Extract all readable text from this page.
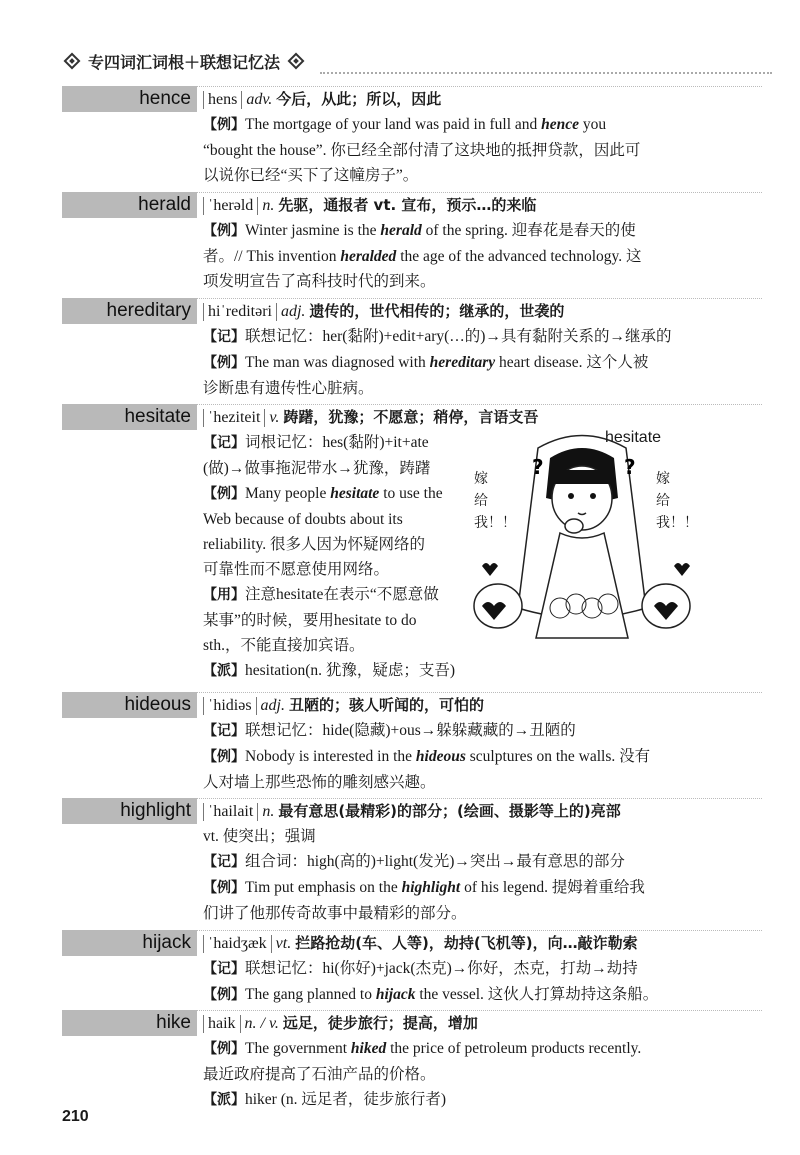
专四词汇词根＋联想记忆法
hence	hens adv. 今后，从此；所以，因此
【例】The mortgage of your land was paid in full and hence you
“bought the house”. 你已经全部付清了这块地的抵押贷款，因此可
以说你已经“买下了这幢房子”。
herald	ˈherəld n. 先驱，通报者 vt. 宣布，预示…的来临
【例】Winter jasmine is the herald of the spring. 迎春花是春天的使
者。// This invention heralded the age of the advanced technology. 这
项发明宣告了高科技时代的到来。
hereditary	hiˈreditəri adj. 遗传的，世代相传的；继承的，世袭的
【记】联想记忆：her(黏附)+edit+ary(…的)→具有黏附关系的→继承的
【例】The man was diagnosed with hereditary heart disease. 这个人被
诊断患有遗传性心脏病。
hesitate	ˈheziteit v. 踌躇，犹豫；不愿意；稍停，言语支吾
【记】词根记忆：hes(黏附)+it+ate
(做)→做事拖泥带水→犹豫，踌躇
【例】Many people hesitate to use the
Web because of doubts about its
reliability. 很多人因为怀疑网络的
可靠性而不愿意使用网络。
【用】注意hesitate在表示“不愿意做
某事”的时候，要用hesitate to do
sth.，不能直接加宾语。
【派】hesitation(n. 犹豫，疑虑；支吾)
hideous	ˈhidiəs adj. 丑陋的；骇人听闻的，可怕的
【记】联想记忆：hide(隐藏)+ous→躲躲藏藏的→丑陋的
【例】Nobody is interested in the hideous sculptures on the walls. 没有
人对墙上那些恐怖的雕刻感兴趣。
highlight	ˈhailait n. 最有意思(最精彩)的部分；(绘画、摄影等上的)亮部
vt. 使突出；强调
【记】组合词：high(高的)+light(发光)→突出→最有意思的部分
【例】Tim put emphasis on the highlight of his legend. 提姆着重给我
们讲了他那传奇故事中最精彩的部分。
hijack	ˈhaidʒæk vt. 拦路抢劫(车、人等)，劫持(飞机等)，向…敲诈勒索
【记】联想记忆：hi(你好)+jack(杰克)→你好，杰克，打劫→劫持
【例】The gang planned to hijack the vessel. 这伙人打算劫持这条船。
hike	haik n. / v. 远足，徒步旅行；提高，增加
【例】The government hiked the price of petroleum products recently.
最近政府提高了石油产品的价格。
【派】hiker (n. 远足者，徒步旅行者)
?	?
hesitate
嫁给我！！
嫁给我！！
210
